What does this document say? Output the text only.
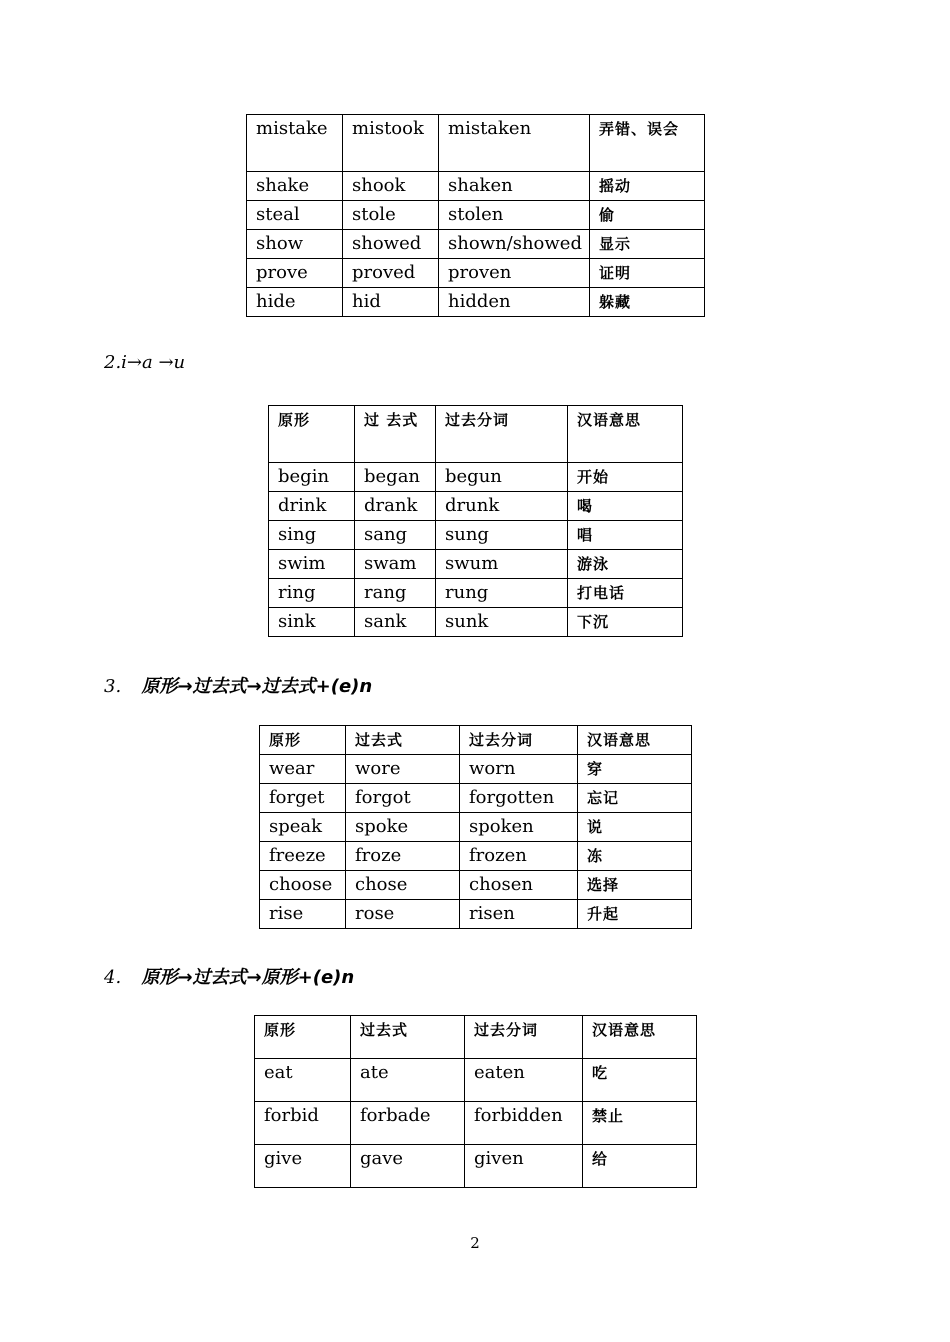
mistake	mistook	mistaken	弄错、误会
shake	shook	shaken	摇动
steal	stole	stolen	偷
show	showed	shown/showed	显示
prove	proved	proven	证明
hide	hid	hidden	躲藏
2.i→a →u
原形	过 去式	过去分词	汉语意思
begin	began	begun	开始
drink	drank	drunk	喝
sing	sang	sung	唱
swim	swam	swum	游泳
ring	rang	rung	打电话
sink	sank	sunk	下沉
3. 原形→过去式→过去式+(e)n
原形	过去式	过去分词	汉语意思
wear	wore	worn	穿
forget	forgot	forgotten	忘记
speak	spoke	spoken	说
freeze	froze	frozen	冻
choose	chose	chosen	选择
rise	rose	risen	升起
4. 原形→过去式→原形+(e)n
原形	过去式	过去分词	汉语意思
eat	ate	eaten	吃
forbid	forbade	forbidden	禁止
give	gave	given	给
2
